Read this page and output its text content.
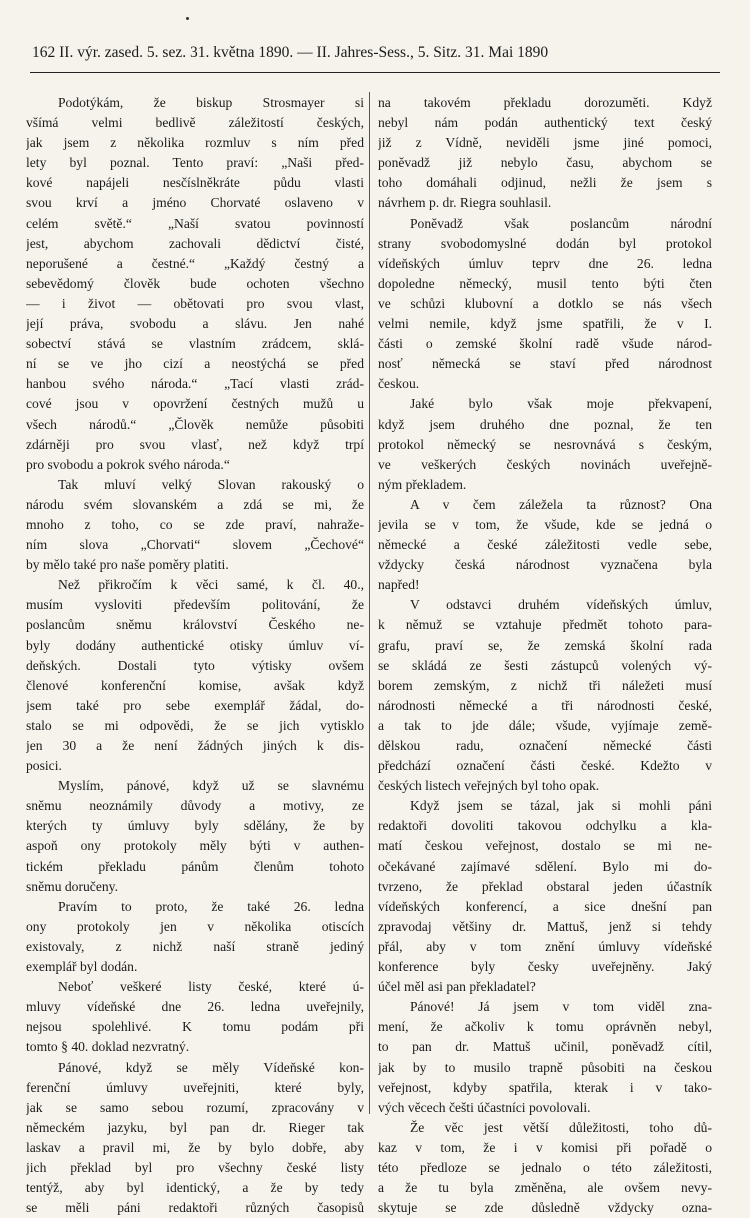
162 II. výr. zased. 5. sez. 31. května 1890. — II. Jahres-Sess., 5. Sitz. 31. Mai 1890
Podotýkám, že biskup Strosmayer si
všímá velmi bedlivě záležitostí českých,
jak jsem z několika rozmluv s ním před
lety byl poznal. Tento praví: „Naši před-
kové napájeli nesčíslněkráte půdu vlasti
svou krví a jméno Chorvaté oslaveno v
celém světě.“ „Naší svatou povinností
jest, abychom zachovali dědictví čisté,
neporušené a čestné.“ „Každý čestný a
sebevědomý člověk bude ochoten všechno
— i život — obětovati pro svou vlast,
její práva, svobodu a slávu. Jen nahé
sobectví stává se vlastním zrádcem, sklá-
ní se ve jho cizí a neostýchá se před
hanbou svého národa.“ „Tací vlasti zrád-
cové jsou v opovržení čestných mužů u
všech národů.“ „Člověk nemůže působiti
zdárněji pro svou vlasť, než když trpí
pro svobodu a pokrok svého národa.“
Tak mluví velký Slovan rakouský o
národu svém slovanském a zdá se mi, že
mnoho z toho, co se zde praví, nahraže-
ním slova „Chorvati“ slovem „Čechové“
by mělo také pro naše poměry platiti.
Než přikročím k věci samé, k čl. 40.,
musím vysloviti především politování, že
poslancům sněmu království Českého ne-
byly dodány authentické otisky úmluv ví-
deňských. Dostali tyto výtisky ovšem
členové konferenční komise, avšak když
jsem také pro sebe exemplář žádal, do-
stalo se mi odpovědi, že se jich vytisklo
jen 30 a že není žádných jiných k dis-
posici.
Myslím, pánové, když už se slavnému
sněmu neoznámily důvody a motivy, ze
kterých ty úmluvy byly sdělány, že by
aspoň ony protokoly měly býti v authen-
tickém překladu pánům členům tohoto
sněmu doručeny.
Pravím to proto, že také 26. ledna
ony protokoly jen v několika otiscích
existovaly, z nichž naší straně jediný
exemplář byl dodán.
Neboť veškeré listy české, které ú-
mluvy vídeňské dne 26. ledna uveřejnily,
nejsou spolehlivé. K tomu podám při
tomto § 40. doklad nezvratný.
Pánové, když se měly Vídeňské kon-
ferenční úmluvy uveřejniti, které byly,
jak se samo sebou rozumí, zpracovány v
německém jazyku, byl pan dr. Rieger tak
laskav a pravil mi, že by bylo dobře, aby
jich překlad byl pro všechny české listy
tentýž, aby byl identický, a že by tedy
se měli páni redaktoři různých časopisů
na takovém překladu dorozuměti. Když
nebyl nám podán authentický text český
již z Vídně, neviděli jsme jiné pomoci,
poněvadž již nebylo času, abychom se
toho domáhali odjinud, nežli že jsem s
návrhem p. dr. Riegra souhlasil.
Poněvadž však poslancům národní
strany svobodomyslné dodán byl protokol
vídeňských úmluv teprv dne 26. ledna
dopoledne německý, musil tento býti čten
ve schůzi klubovní a dotklo se nás všech
velmi nemile, když jsme spatřili, že v I.
části o zemské školní radě všude národ-
nosť německá se staví před národnost
českou.
Jaké bylo však moje překvapení,
když jsem druhého dne poznal, že ten
protokol německý se nesrovnává s českým,
ve veškerých českých novinách uveřejně-
ným překladem.
A v čem záležela ta různost? Ona
jevila se v tom, že všude, kde se jedná o
německé a české záležitosti vedle sebe,
vždycky česká národnost vyznačena byla
napřed!
V odstavci druhém vídeňských úmluv,
k němuž se vztahuje předmět tohoto para-
grafu, praví se, že zemská školní rada
se skládá ze šesti zástupců volených vý-
borem zemským, z nichž tři náležeti musí
národnosti německé a tři národnosti české,
a tak to jde dále; všude, vyjímaje země-
dělskou radu, označení německé části
předchází označení části české. Kdežto v
českých listech veřejných byl toho opak.
Když jsem se tázal, jak si mohli páni
redaktoři dovoliti takovou odchylku a kla-
matí českou veřejnost, dostalo se mi ne-
očekávané zajímavé sdělení. Bylo mi do-
tvrzeno, že překlad obstaral jeden účastník
vídeňských konferencí, a sice dnešní pan
zpravodaj většiny dr. Mattuš, jenž si tehdy
přál, aby v tom znění úmluvy vídeňské
konference byly česky uveřejněny. Jaký
účel měl asi pan překladatel?
Pánové! Já jsem v tom viděl zna-
mení, že ačkoliv k tomu oprávněn nebyl,
to pan dr. Mattuš učinil, poněvadž cítil,
jak by to musilo trapně působiti na českou
veřejnost, kdyby spatřila, kterak i v tako-
vých věcech češti účastníci povolovali.
Že věc jest větší důležitosti, toho dů-
kaz v tom, že i v komisi při pořadě o
této předloze se jednalo o této záležitosti,
a že tu byla změněna, ale ovšem nevy-
skytuje se zde důsledně vždycky ozna-
